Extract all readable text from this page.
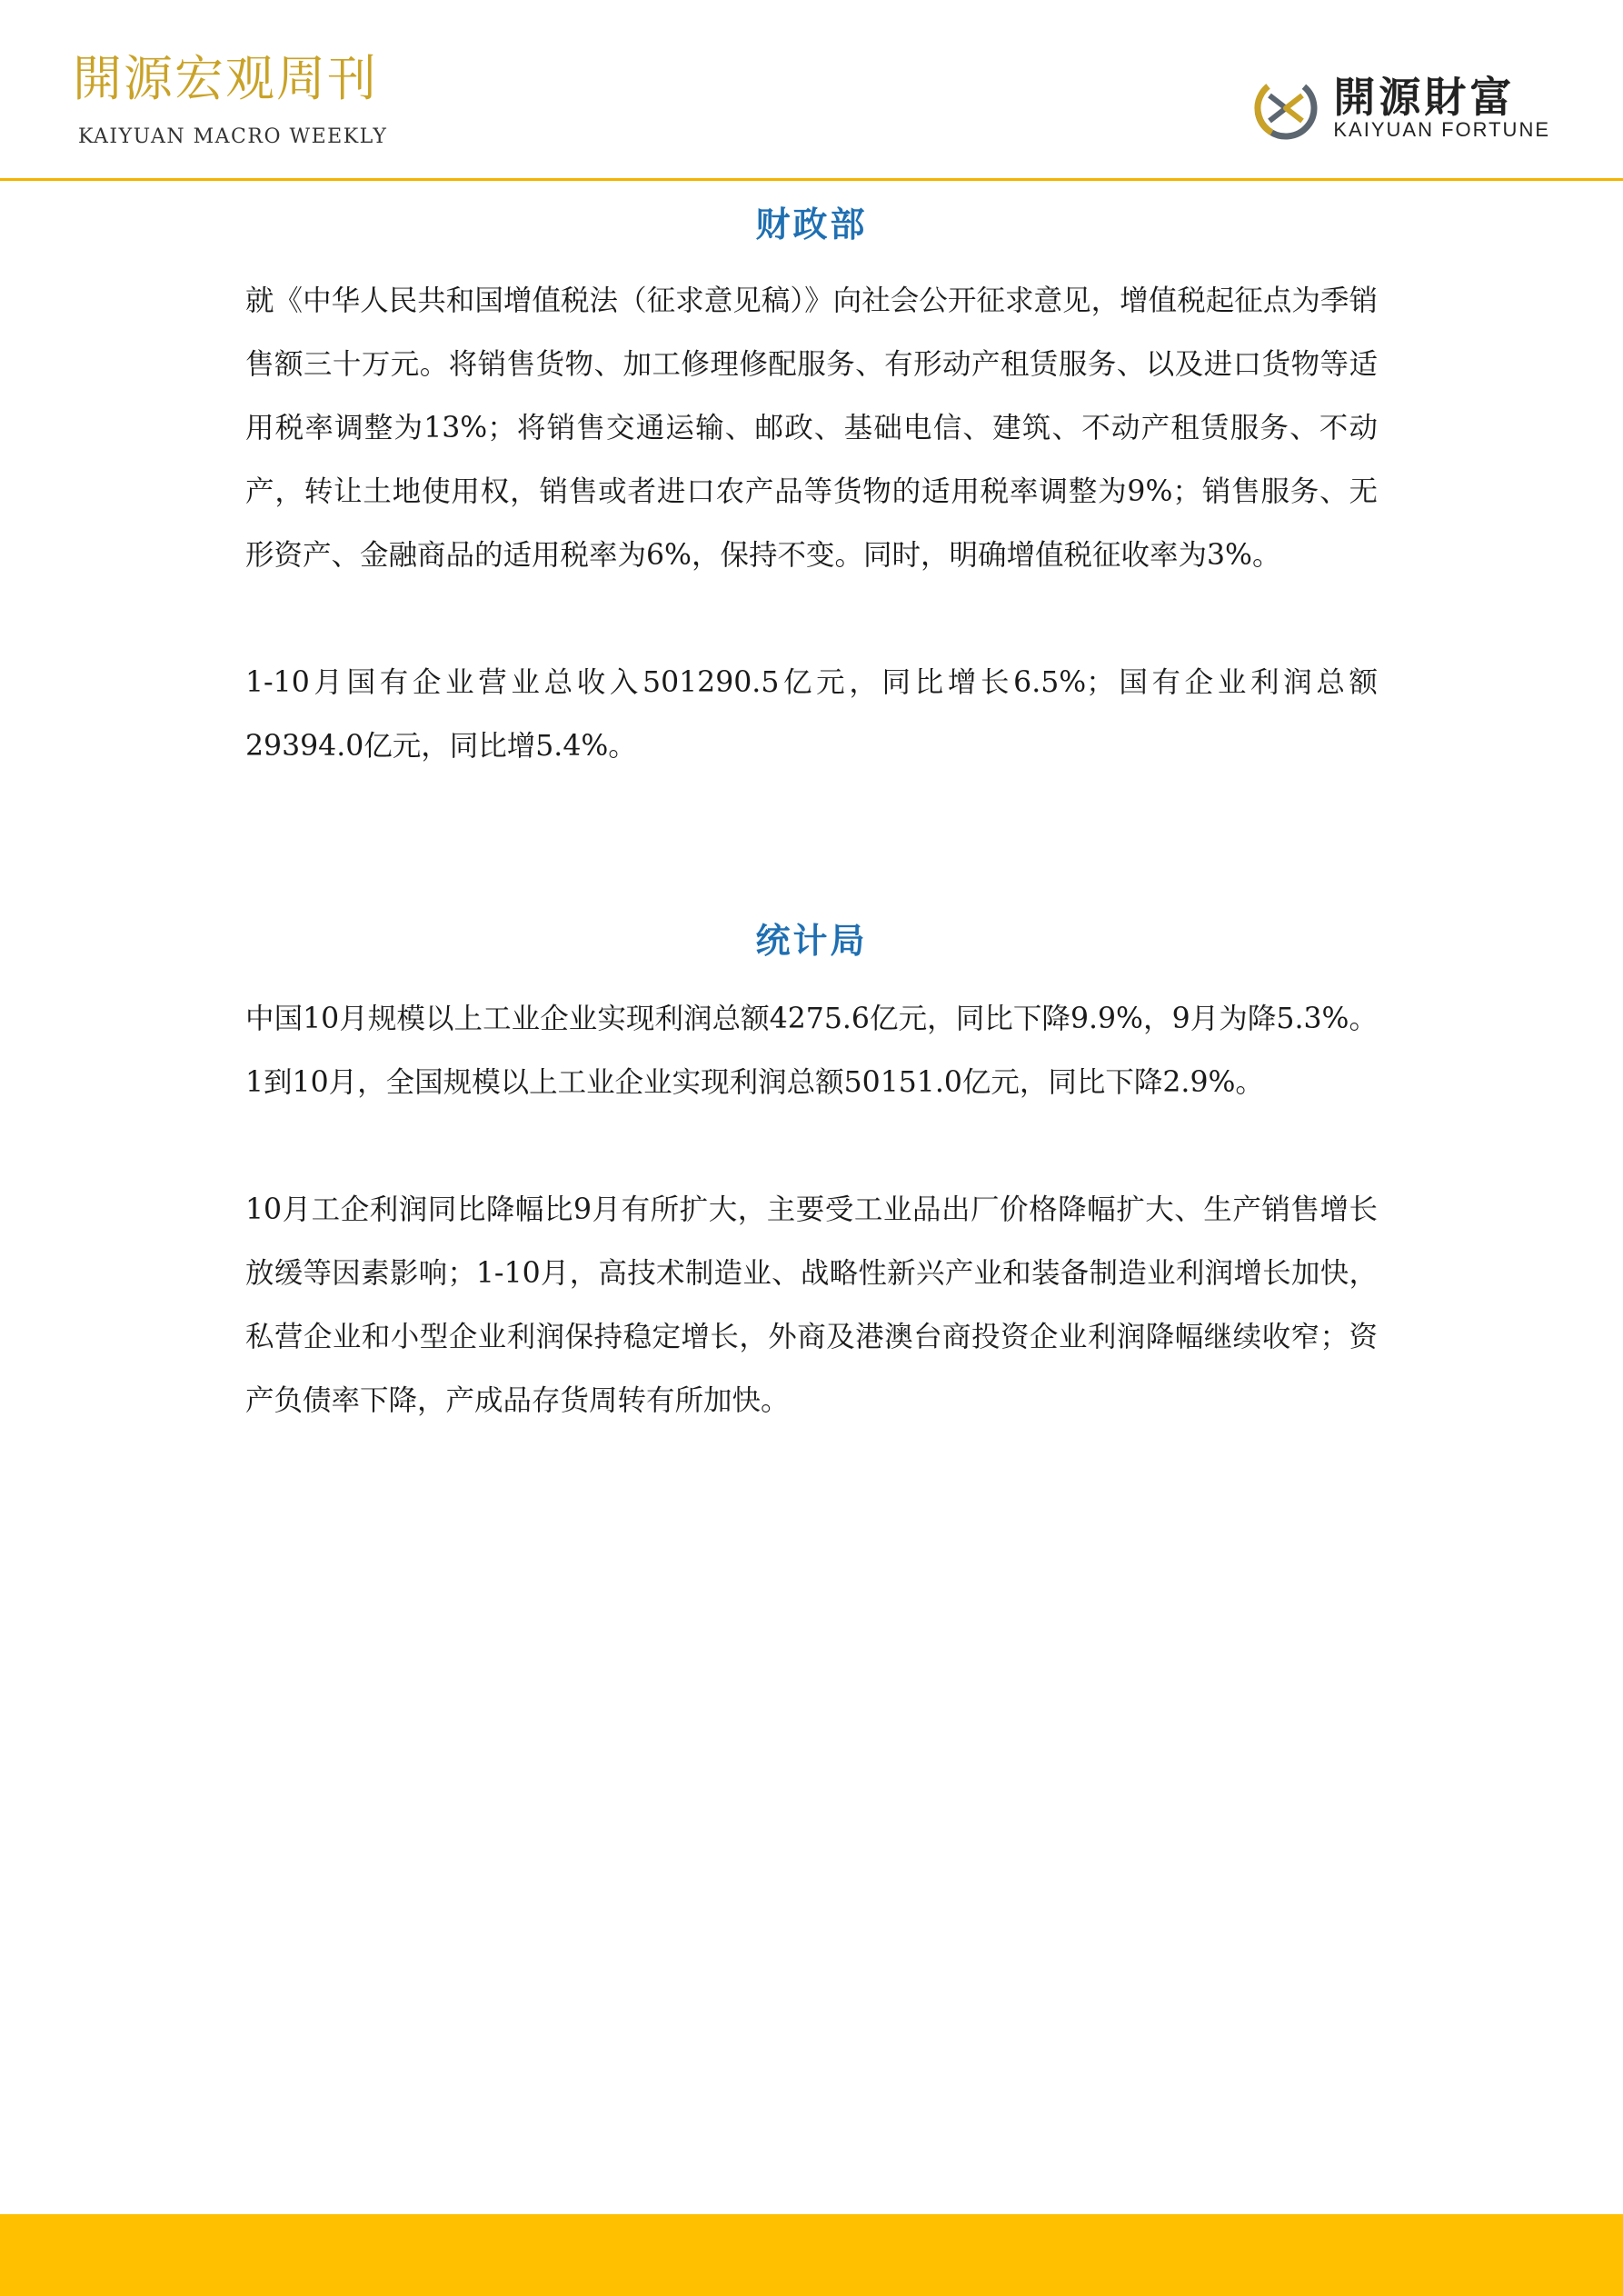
開源宏观周刊
KAIYUAN MACRO WEEKLY
開源財富
KAIYUAN FORTUNE
财政部

就《中华人民共和国增值税法（征求意见稿）》向社会公开征求意见，增值税起征点为季销售额三十万元。将销售货物、加工修理修配服务、有形动产租赁服务、以及进口货物等适用税率调整为13%；将销售交通运输、邮政、基础电信、建筑、不动产租赁服务、不动产，转让土地使用权，销售或者进口农产品等货物的适用税率调整为9%；销售服务、无形资产、金融商品的适用税率为6%，保持不变。同时，明确增值税征收率为3%。

1-10月国有企业营业总收入501290.5亿元，同比增长6.5%；国有企业利润总额29394.0亿元，同比增5.4%。

统计局

中国10月规模以上工业企业实现利润总额4275.6亿元，同比下降9.9%，9月为降5.3%。1到10月，全国规模以上工业企业实现利润总额50151.0亿元，同比下降2.9%。

10月工企利润同比降幅比9月有所扩大，主要受工业品出厂价格降幅扩大、生产销售增长放缓等因素影响；1-10月，高技术制造业、战略性新兴产业和装备制造业利润增长加快，私营企业和小型企业利润保持稳定增长，外商及港澳台商投资企业利润降幅继续收窄；资产负债率下降，产成品存货周转有所加快。
